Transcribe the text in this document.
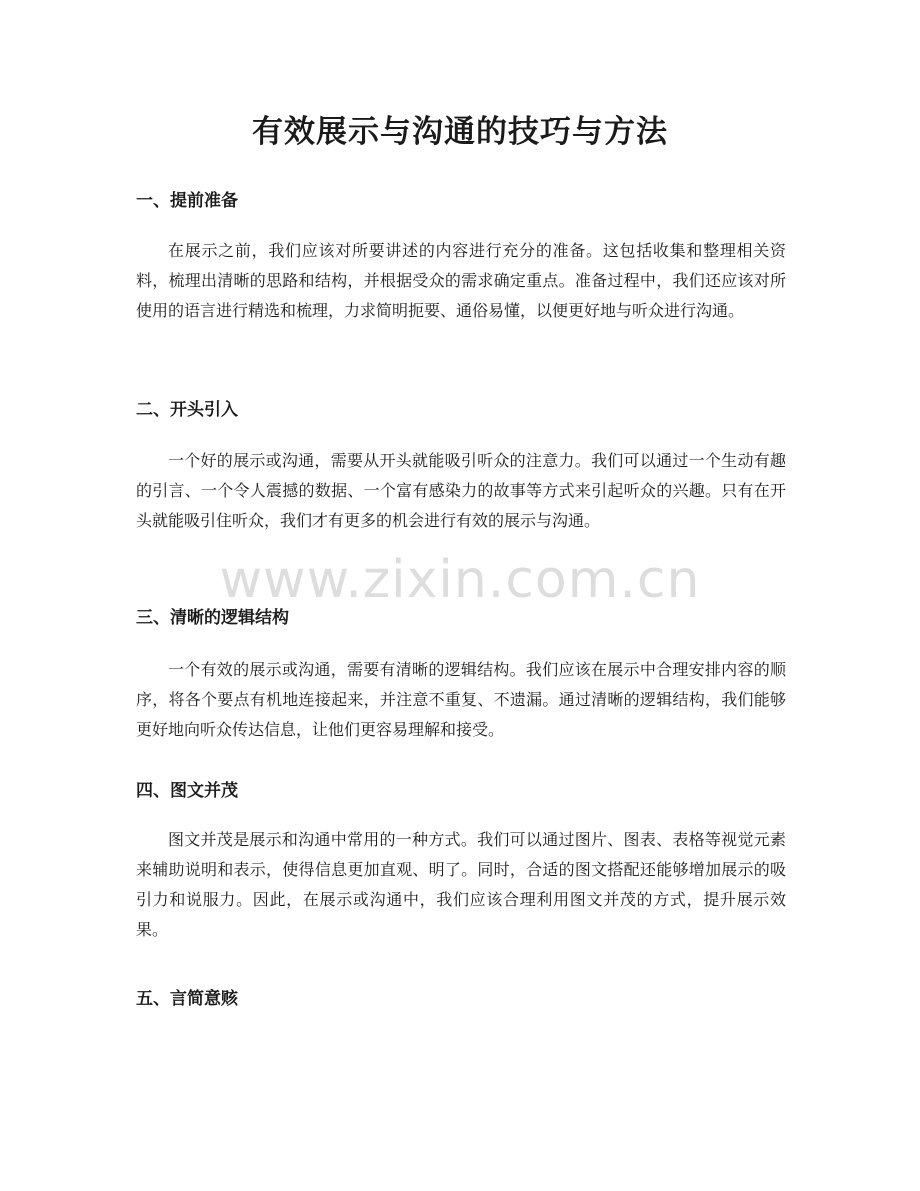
有效展示与沟通的技巧与方法
一、提前准备

在展示之前，我们应该对所要讲述的内容进行充分的准备。这包括收集和整理相关资料，梳理出清晰的思路和结构，并根据受众的需求确定重点。准备过程中，我们还应该对所使用的语言进行精选和梳理，力求简明扼要、通俗易懂，以便更好地与听众进行沟通。

二、开头引入

一个好的展示或沟通，需要从开头就能吸引听众的注意力。我们可以通过一个生动有趣的引言、一个令人震撼的数据、一个富有感染力的故事等方式来引起听众的兴趣。只有在开头就能吸引住听众，我们才有更多的机会进行有效的展示与沟通。

三、清晰的逻辑结构

一个有效的展示或沟通，需要有清晰的逻辑结构。我们应该在展示中合理安排内容的顺序，将各个要点有机地连接起来，并注意不重复、不遗漏。通过清晰的逻辑结构，我们能够更好地向听众传达信息，让他们更容易理解和接受。

四、图文并茂

图文并茂是展示和沟通中常用的一种方式。我们可以通过图片、图表、表格等视觉元素来辅助说明和表示，使得信息更加直观、明了。同时，合适的图文搭配还能够增加展示的吸引力和说服力。因此，在展示或沟通中，我们应该合理利用图文并茂的方式，提升展示效果。

五、言简意赅
www.zixin.com.cn
